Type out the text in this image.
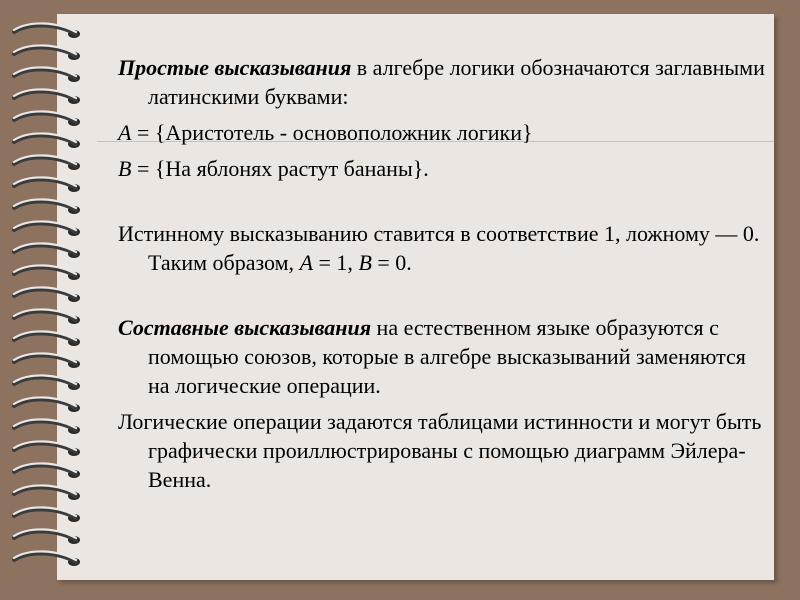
Простые высказывания в алгебре логики обозначаются заглавными латинскими буквами:

A = {Аристотель - основоположник логики}

B = {На яблонях растут бананы}.

Истинному высказыванию ставится в соответствие 1, ложному — 0. Таким образом, A = 1, B = 0.

Составные высказывания на естественном языке образуются с помощью союзов, которые в алгебре высказываний заменяются на логические операции.

Логические операции задаются таблицами истинности и могут быть графически проиллюстрированы с помощью диаграмм Эйлера-Венна.
